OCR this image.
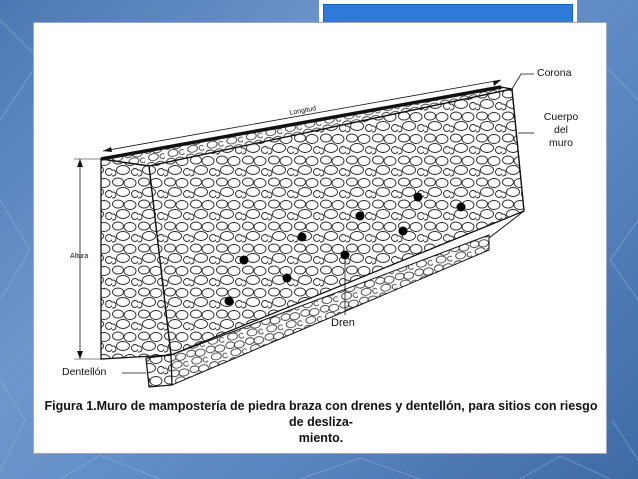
Longitud
Corona
Cuerpo
del
muro
Altura
Dren
Dentellón
Figura 1.Muro de mampostería de piedra braza con drenes y dentellón, para sitios con riesgo de desliza-
miento.
